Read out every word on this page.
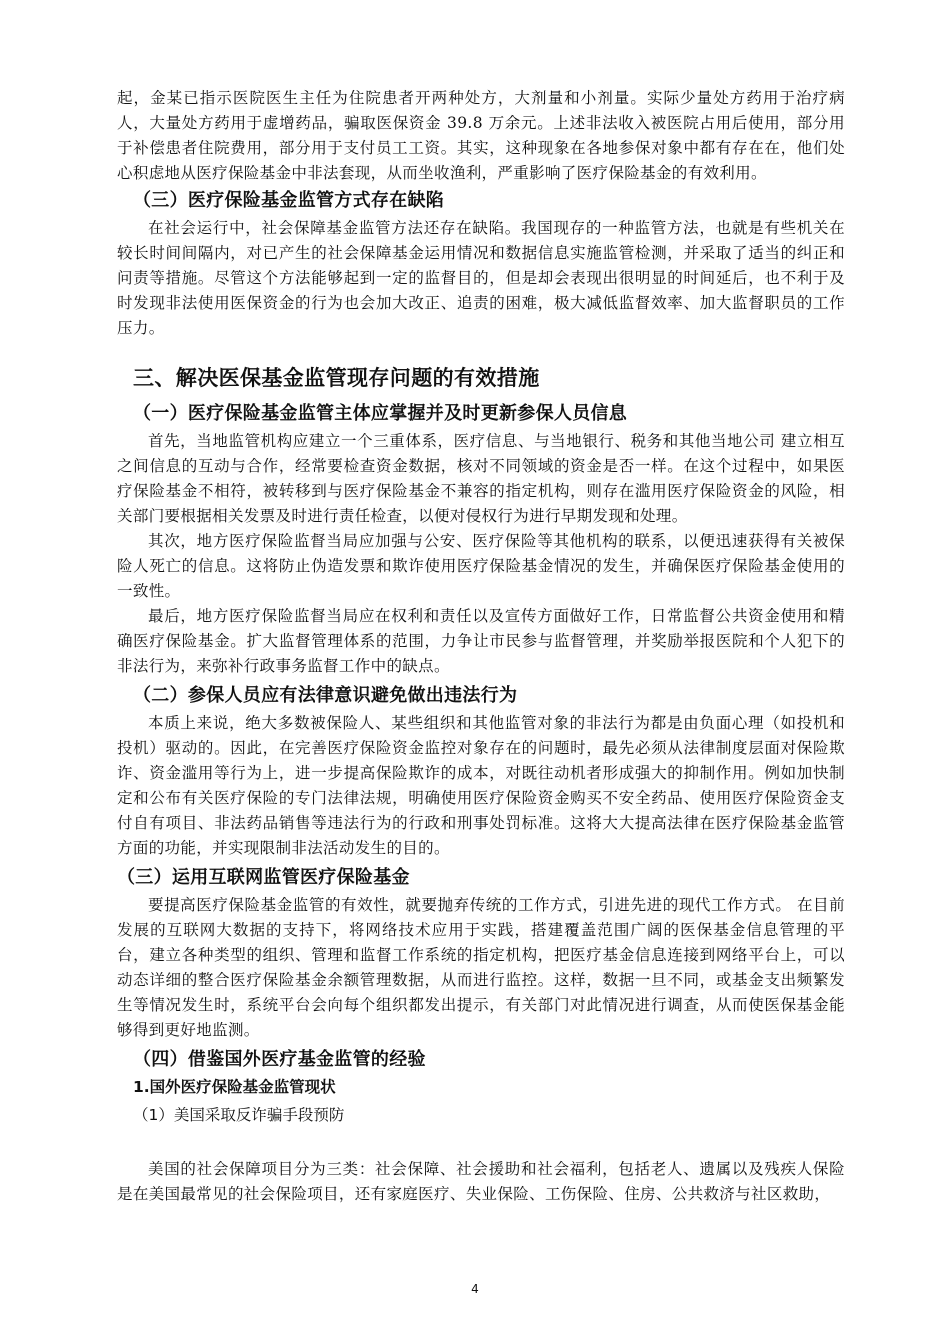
起，金某已指示医院医生主任为住院患者开两种处方，大剂量和小剂量。实际少量处方药用于治疗病人，大量处方药用于虚增药品，骗取医保资金 39.8 万余元。上述非法收入被医院占用后使用，部分用于补偿患者住院费用，部分用于支付员工工资。其实，这种现象在各地参保对象中都有存在在，他们处心积虑地从医疗保险基金中非法套现，从而坐收渔利，严重影响了医疗保险基金的有效利用。

（三）医疗保险基金监管方式存在缺陷

在社会运行中，社会保障基金监管方法还存在缺陷。我国现存的一种监管方法，也就是有些机关在较长时间间隔内，对已产生的社会保障基金运用情况和数据信息实施监管检测，并采取了适当的纠正和问责等措施。尽管这个方法能够起到一定的监督目的，但是却会表现出很明显的时间延后，也不利于及时发现非法使用医保资金的行为也会加大改正、追责的困难，极大减低监督效率、加大监督职员的工作压力。

三、解决医保基金监管现存问题的有效措施
（一）医疗保险基金监管主体应掌握并及时更新参保人员信息

首先，当地监管机构应建立一个三重体系，医疗信息、与当地银行、税务和其他当地公司 建立相互之间信息的互动与合作，经常要检查资金数据，核对不同领域的资金是否一样。在这个过程中，如果医疗保险基金不相符，被转移到与医疗保险基金不兼容的指定机构，则存在滥用医疗保险资金的风险，相关部门要根据相关发票及时进行责任检查，以便对侵权行为进行早期发现和处理。

其次，地方医疗保险监督当局应加强与公安、医疗保险等其他机构的联系，以便迅速获得有关被保险人死亡的信息。这将防止伪造发票和欺诈使用医疗保险基金情况的发生，并确保医疗保险基金使用的一致性。

最后，地方医疗保险监督当局应在权利和责任以及宣传方面做好工作，日常监督公共资金使用和精确医疗保险基金。扩大监督管理体系的范围，力争让市民参与监督管理，并奖励举报医院和个人犯下的非法行为，来弥补行政事务监督工作中的缺点。

（二）参保人员应有法律意识避免做出违法行为

本质上来说，绝大多数被保险人、某些组织和其他监管对象的非法行为都是由负面心理（如投机和投机）驱动的。因此，在完善医疗保险资金监控对象存在的问题时，最先必须从法律制度层面对保险欺诈、资金滥用等行为上，进一步提高保险欺诈的成本，对既往动机者形成强大的抑制作用。例如加快制定和公布有关医疗保险的专门法律法规，明确使用医疗保险资金购买不安全药品、使用医疗保险资金支付自有项目、非法药品销售等违法行为的行政和刑事处罚标准。这将大大提高法律在医疗保险基金监管方面的功能，并实现限制非法活动发生的目的。

（三）运用互联网监管医疗保险基金

要提高医疗保险基金监管的有效性，就要抛弃传统的工作方式，引进先进的现代工作方式。 在目前发展的互联网大数据的支持下，将网络技术应用于实践，搭建覆盖范围广阔的医保基金信息管理的平台，建立各种类型的组织、管理和监督工作系统的指定机构，把医疗基金信息连接到网络平台上，可以动态详细的整合医疗保险基金余额管理数据，从而进行监控。这样，数据一旦不同，或基金支出频繁发生等情况发生时，系统平台会向每个组织都发出提示，有关部门对此情况进行调查，从而使医保基金能够得到更好地监测。

（四）借鉴国外医疗基金监管的经验
1.国外医疗保险基金监管现状
（1）美国采取反诈骗手段预防

美国的社会保障项目分为三类：社会保障、社会援助和社会福利，包括老人、遗属以及残疾人保险是在美国最常见的社会保险项目，还有家庭医疗、失业保险、工伤保险、住房、公共救济与社区救助，

4
